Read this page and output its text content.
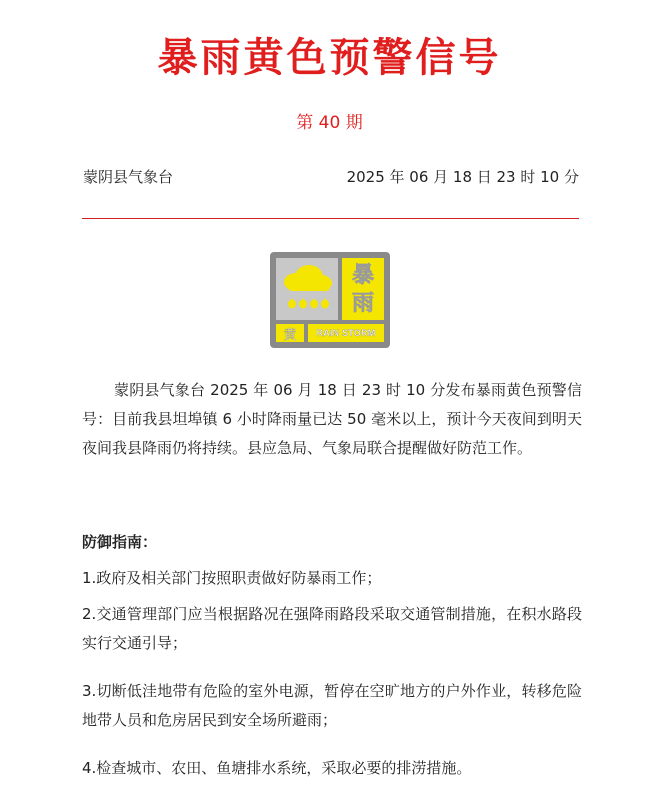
暴雨黄色预警信号
第 40 期
蒙阴县气象台	2025 年 06 月 18 日 23 时 10 分
暴
雨
黄	RAIN STORM
蒙阴县气象台 2025 年 06 月 18 日 23 时 10 分发布暴雨黄色预警信号：目前我县坦埠镇 6 小时降雨量已达 50 毫米以上，预计今天夜间到明天夜间我县降雨仍将持续。县应急局、气象局联合提醒做好防范工作。
防御指南：
1.政府及相关部门按照职责做好防暴雨工作；
2.交通管理部门应当根据路况在强降雨路段采取交通管制措施，在积水路段实行交通引导；
3.切断低洼地带有危险的室外电源，暂停在空旷地方的户外作业，转移危险地带人员和危房居民到安全场所避雨；
4.检查城市、农田、鱼塘排水系统，采取必要的排涝措施。
